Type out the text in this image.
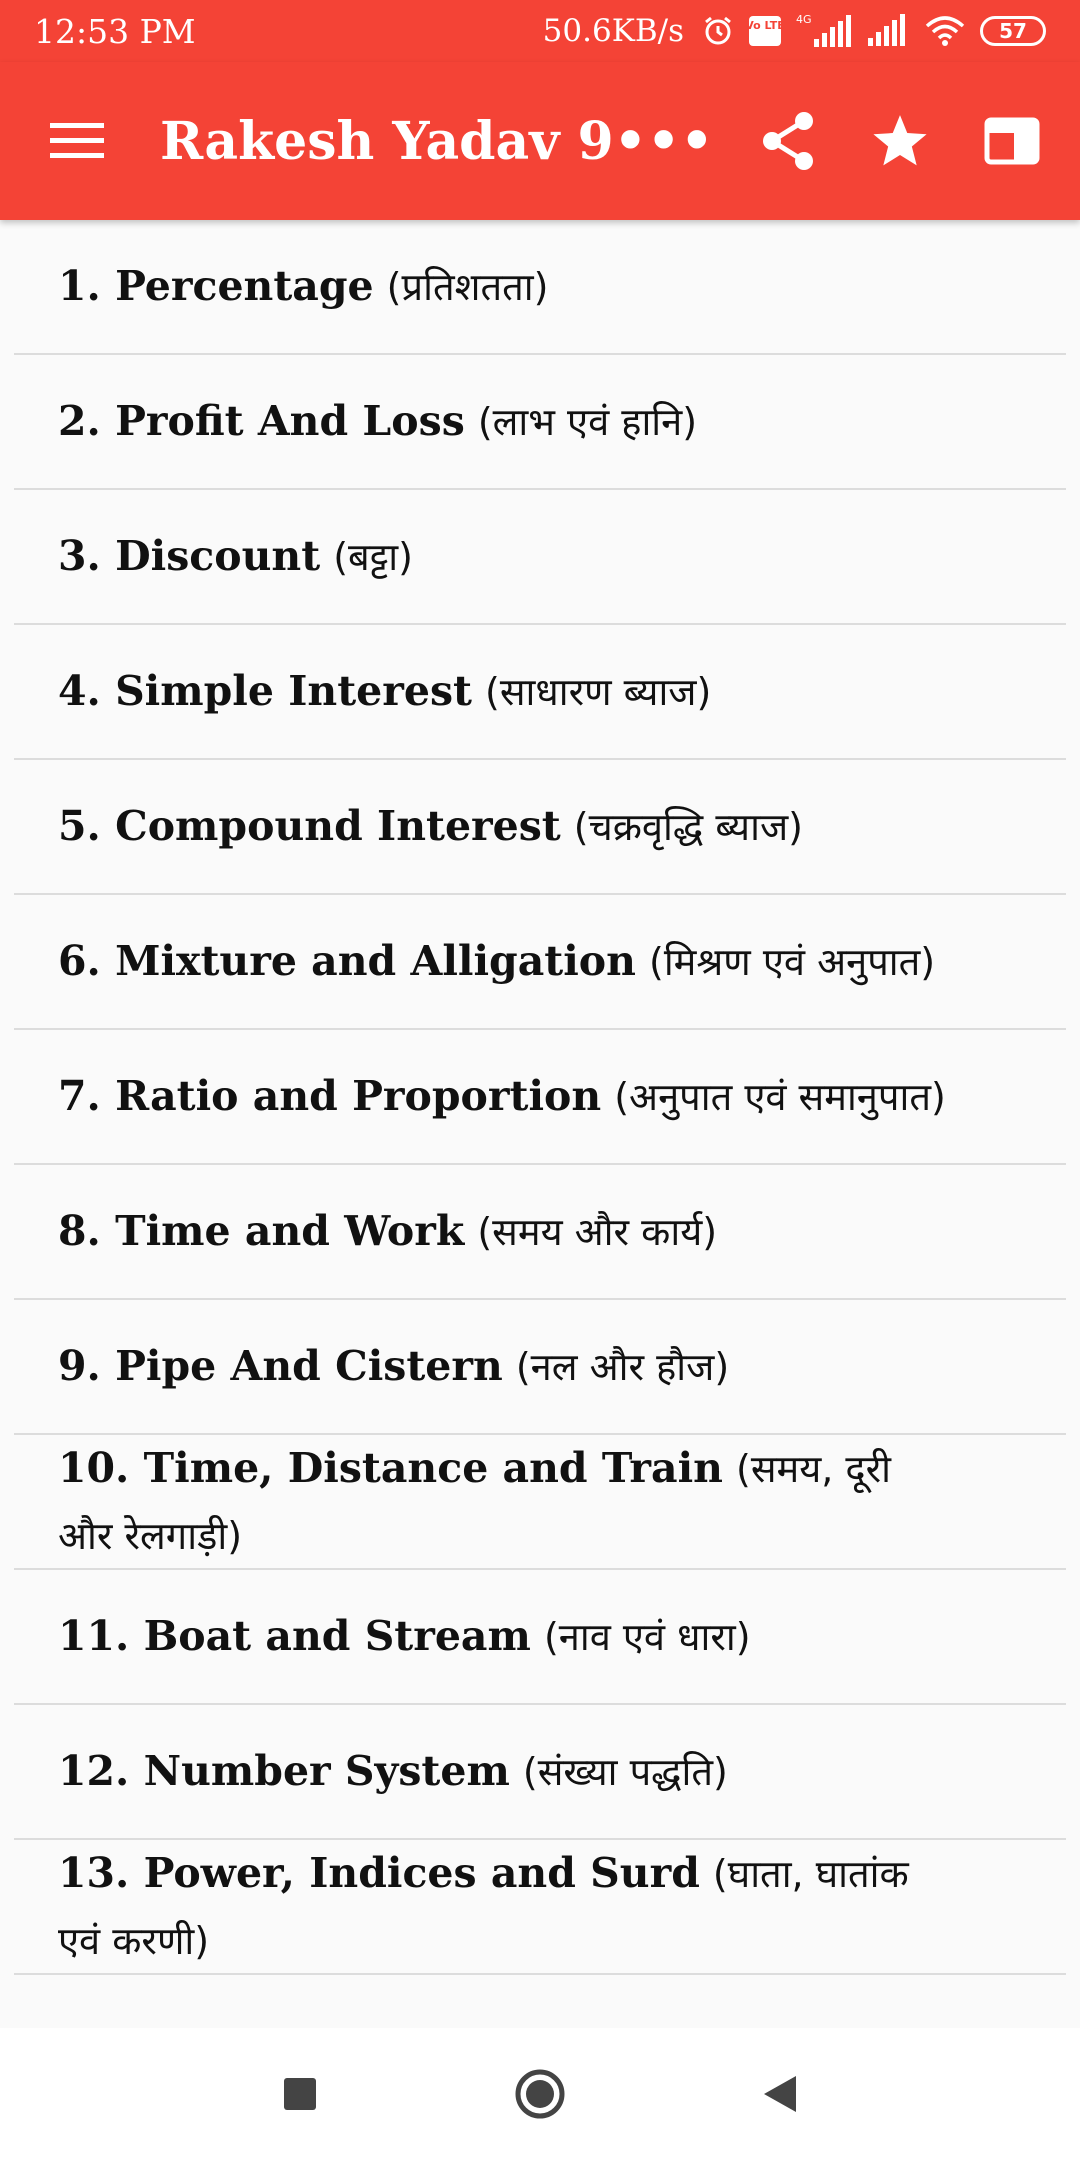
12:53 PM	50.6KB/s	Vo LTE 4G	57
Rakesh Yadav 9•••
1. Percentage (प्रतिशतता)
2. Profit And Loss (लाभ एवं हानि)
3. Discount (बट्टा)
4. Simple Interest (साधारण ब्याज)
5. Compound Interest (चक्रवृद्धि ब्याज)
6. Mixture and Alligation (मिश्रण एवं अनुपात)
7. Ratio and Proportion (अनुपात एवं समानुपात)
8. Time and Work (समय और कार्य)
9. Pipe And Cistern (नल और हौज)
10. Time, Distance and Train (समय, दूरी और रेलगाड़ी)
11. Boat and Stream (नाव एवं धारा)
12. Number System (संख्या पद्धति)
13. Power, Indices and Surd (घाता, घातांक एवं करणी)
